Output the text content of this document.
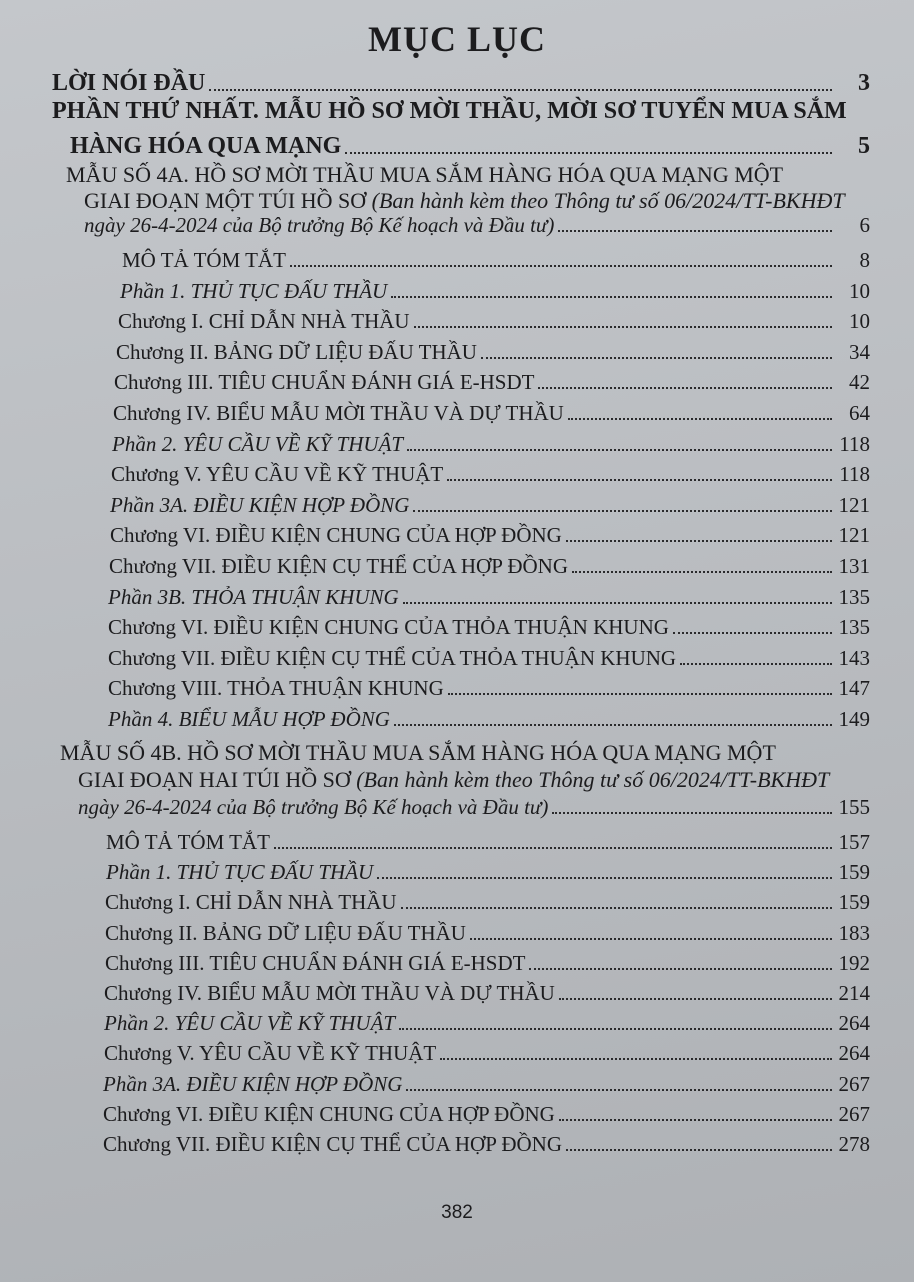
MỤC LỤC
LỜI NÓI ĐẦU	3
PHẦN THỨ NHẤT. MẪU HỒ SƠ MỜI THẦU, MỜI SƠ TUYỂN MUA SẮM
HÀNG HÓA QUA MẠNG	5
MẪU SỐ 4A. HỒ SƠ MỜI THẦU MUA SẮM HÀNG HÓA QUA MẠNG MỘT
GIAI ĐOẠN MỘT TÚI HỒ SƠ (Ban hành kèm theo Thông tư số 06/2024/TT-BKHĐT
ngày 26-4-2024 của Bộ trưởng Bộ Kế hoạch và Đầu tư)	6
MÔ TẢ TÓM TẮT	8
Phần 1. THỦ TỤC ĐẤU THẦU	10
Chương I. CHỈ DẪN NHÀ THẦU	10
Chương II. BẢNG DỮ LIỆU ĐẤU THẦU	34
Chương III. TIÊU CHUẨN ĐÁNH GIÁ E-HSDT	42
Chương IV. BIỂU MẪU MỜI THẦU VÀ DỰ THẦU	64
Phần 2. YÊU CẦU VỀ KỸ THUẬT	118
Chương V. YÊU CẦU VỀ KỸ THUẬT	118
Phần 3A. ĐIỀU KIỆN HỢP ĐỒNG	121
Chương VI. ĐIỀU KIỆN CHUNG CỦA HỢP ĐỒNG	121
Chương VII. ĐIỀU KIỆN CỤ THỂ CỦA HỢP ĐỒNG	131
Phần 3B. THỎA THUẬN KHUNG	135
Chương VI. ĐIỀU KIỆN CHUNG CỦA THỎA THUẬN KHUNG	135
Chương VII. ĐIỀU KIỆN CỤ THỂ CỦA THỎA THUẬN KHUNG	143
Chương VIII. THỎA THUẬN KHUNG	147
Phần 4. BIỂU MẪU HỢP ĐỒNG	149
MẪU SỐ 4B. HỒ SƠ MỜI THẦU MUA SẮM HÀNG HÓA QUA MẠNG MỘT
GIAI ĐOẠN HAI TÚI HỒ SƠ (Ban hành kèm theo Thông tư số 06/2024/TT-BKHĐT
ngày 26-4-2024 của Bộ trưởng Bộ Kế hoạch và Đầu tư)	155
MÔ TẢ TÓM TẮT	157
Phần 1. THỦ TỤC ĐẤU THẦU	159
Chương I. CHỈ DẪN NHÀ THẦU	159
Chương II. BẢNG DỮ LIỆU ĐẤU THẦU	183
Chương III. TIÊU CHUẨN ĐÁNH GIÁ E-HSDT	192
Chương IV. BIỂU MẪU MỜI THẦU VÀ DỰ THẦU	214
Phần 2. YÊU CẦU VỀ KỸ THUẬT	264
Chương V. YÊU CẦU VỀ KỸ THUẬT	264
Phần 3A. ĐIỀU KIỆN HỢP ĐỒNG	267
Chương VI. ĐIỀU KIỆN CHUNG CỦA HỢP ĐỒNG	267
Chương VII. ĐIỀU KIỆN CỤ THỂ CỦA HỢP ĐỒNG	278
382
